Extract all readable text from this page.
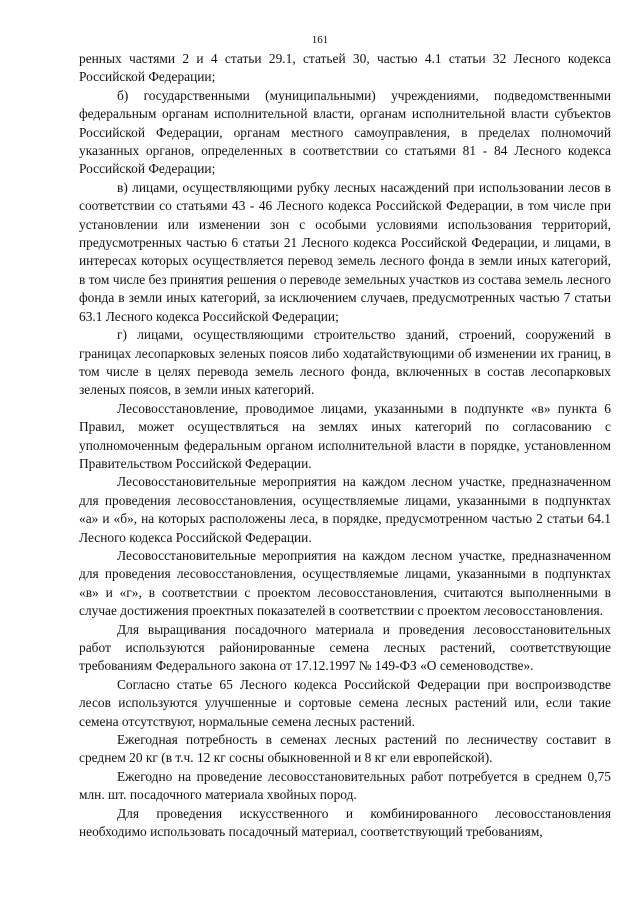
161

ренных частями 2 и 4 статьи 29.1, статьей 30, частью 4.1 статьи 32 Лесного кодекса Российской Федерации;

б) государственными (муниципальными) учреждениями, подведомственными федеральным органам исполнительной власти, органам исполнительной власти субъектов Российской Федерации, органам местного самоуправления, в пределах полномочий указанных органов, определенных в соответствии со статьями 81 - 84 Лесного кодекса Российской Федерации;

в) лицами, осуществляющими рубку лесных насаждений при использовании лесов в соответствии со статьями 43 - 46 Лесного кодекса Российской Федерации, в том числе при установлении или изменении зон с особыми условиями использования территорий, предусмотренных частью 6 статьи 21 Лесного кодекса Российской Федерации, и лицами, в интересах которых осуществляется перевод земель лесного фонда в земли иных категорий, в том числе без принятия решения о переводе земельных участков из состава земель лесного фонда в земли иных категорий, за исключением случаев, предусмотренных частью 7 статьи 63.1 Лесного кодекса Российской Федерации;

г) лицами, осуществляющими строительство зданий, строений, сооружений в границах лесопарковых зеленых поясов либо ходатайствующими об изменении их границ, в том числе в целях перевода земель лесного фонда, включенных в состав лесопарковых зеленых поясов, в земли иных категорий.

Лесовосстановление, проводимое лицами, указанными в подпункте «в» пункта 6 Правил, может осуществляться на землях иных категорий по согласованию с уполномоченным федеральным органом исполнительной власти в порядке, установленном Правительством Российской Федерации.

Лесовосстановительные мероприятия на каждом лесном участке, предназначенном для проведения лесовосстановления, осуществляемые лицами, указанными в подпунктах «а» и «б», на которых расположены леса, в порядке, предусмотренном частью 2 статьи 64.1 Лесного кодекса Российской Федерации.

Лесовосстановительные мероприятия на каждом лесном участке, предназначенном для проведения лесовосстановления, осуществляемые лицами, указанными в подпунктах «в» и «г», в соответствии с проектом лесовосстановления, считаются выполненными в случае достижения проектных показателей в соответствии с проектом лесовосстановления.

Для выращивания посадочного материала и проведения лесовосстановительных работ используются районированные семена лесных растений, соответствующие требованиям Федерального закона от 17.12.1997 № 149-ФЗ «О семеноводстве».

Согласно статье 65 Лесного кодекса Российской Федерации при воспроизводстве лесов используются улучшенные и сортовые семена лесных растений или, если такие семена отсутствуют, нормальные семена лесных растений.

Ежегодная потребность в семенах лесных растений по лесничеству составит в среднем 20 кг (в т.ч. 12 кг сосны обыкновенной и 8 кг ели европейской).

Ежегодно на проведение лесовосстановительных работ потребуется в среднем 0,75 млн. шт. посадочного материала хвойных пород.

Для проведения искусственного и комбинированного лесовосстановления необходимо использовать посадочный материал, соответствующий требованиям,
